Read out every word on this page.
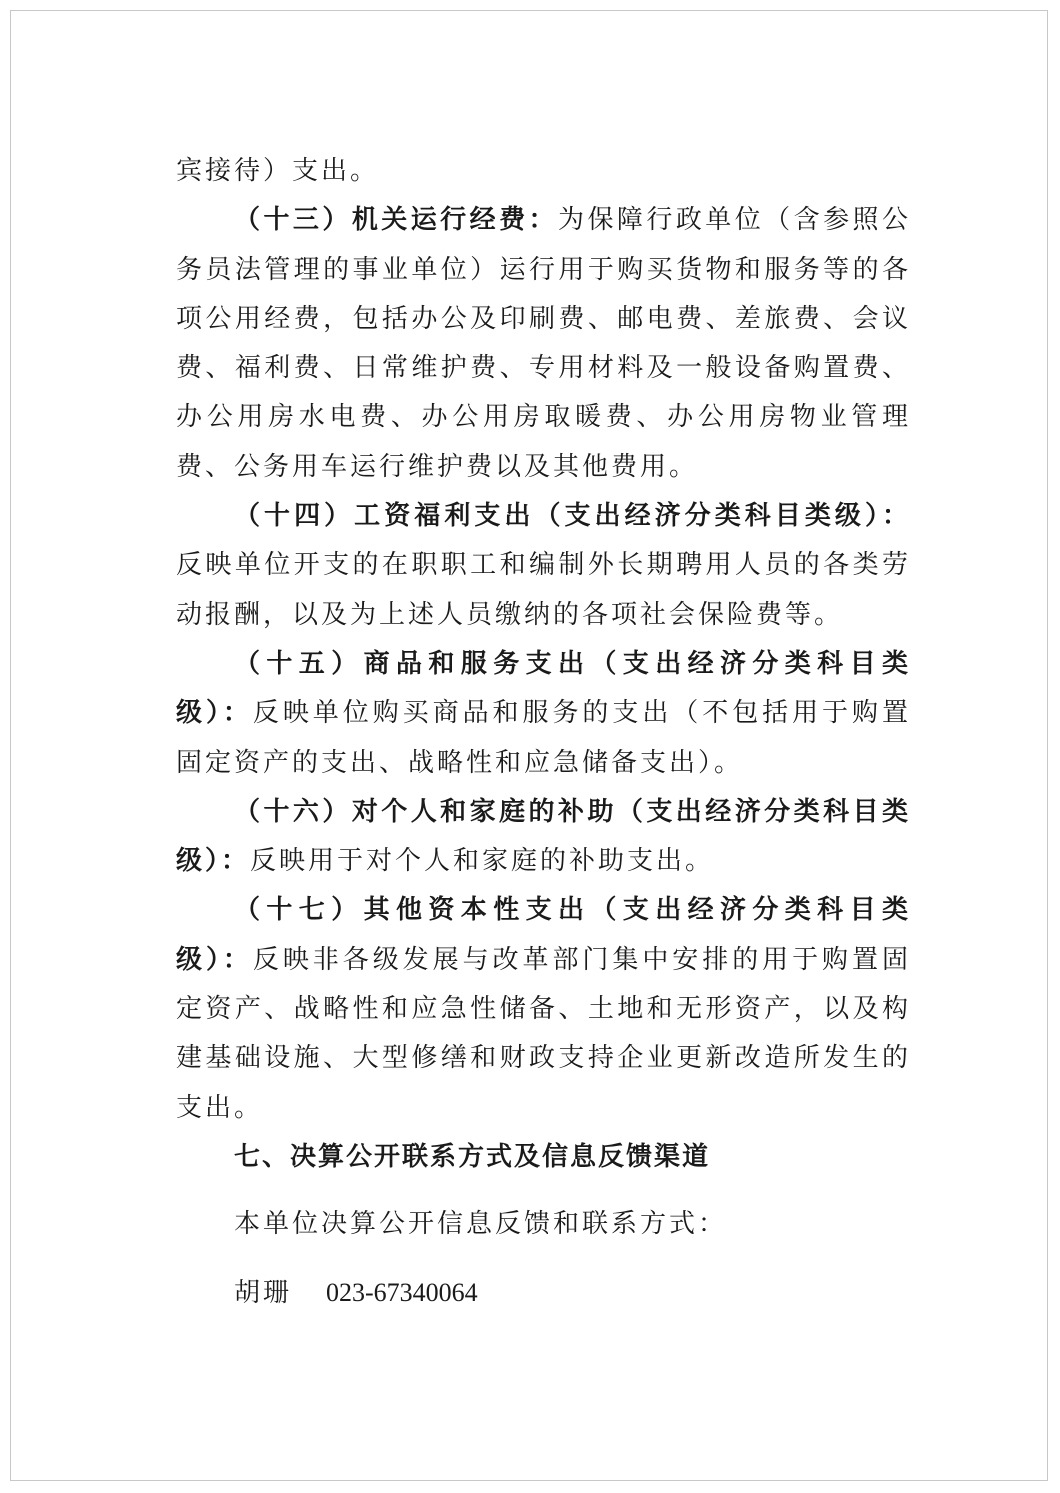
宾接待）支出。

（十三）机关运行经费：为保障行政单位（含参照公务员法管理的事业单位）运行用于购买货物和服务等的各项公用经费，包括办公及印刷费、邮电费、差旅费、会议费、福利费、日常维护费、专用材料及一般设备购置费、办公用房水电费、办公用房取暖费、办公用房物业管理费、公务用车运行维护费以及其他费用。

（十四）工资福利支出（支出经济分类科目类级）：反映单位开支的在职职工和编制外长期聘用人员的各类劳动报酬，以及为上述人员缴纳的各项社会保险费等。

（十五）商品和服务支出（支出经济分类科目类级）：反映单位购买商品和服务的支出（不包括用于购置固定资产的支出、战略性和应急储备支出）。

（十六）对个人和家庭的补助（支出经济分类科目类级）：反映用于对个人和家庭的补助支出。

（十七）其他资本性支出（支出经济分类科目类级）：反映非各级发展与改革部门集中安排的用于购置固定资产、战略性和应急性储备、土地和无形资产，以及构建基础设施、大型修缮和财政支持企业更新改造所发生的支出。

七、决算公开联系方式及信息反馈渠道

本单位决算公开信息反馈和联系方式：

胡珊 023-67340064
